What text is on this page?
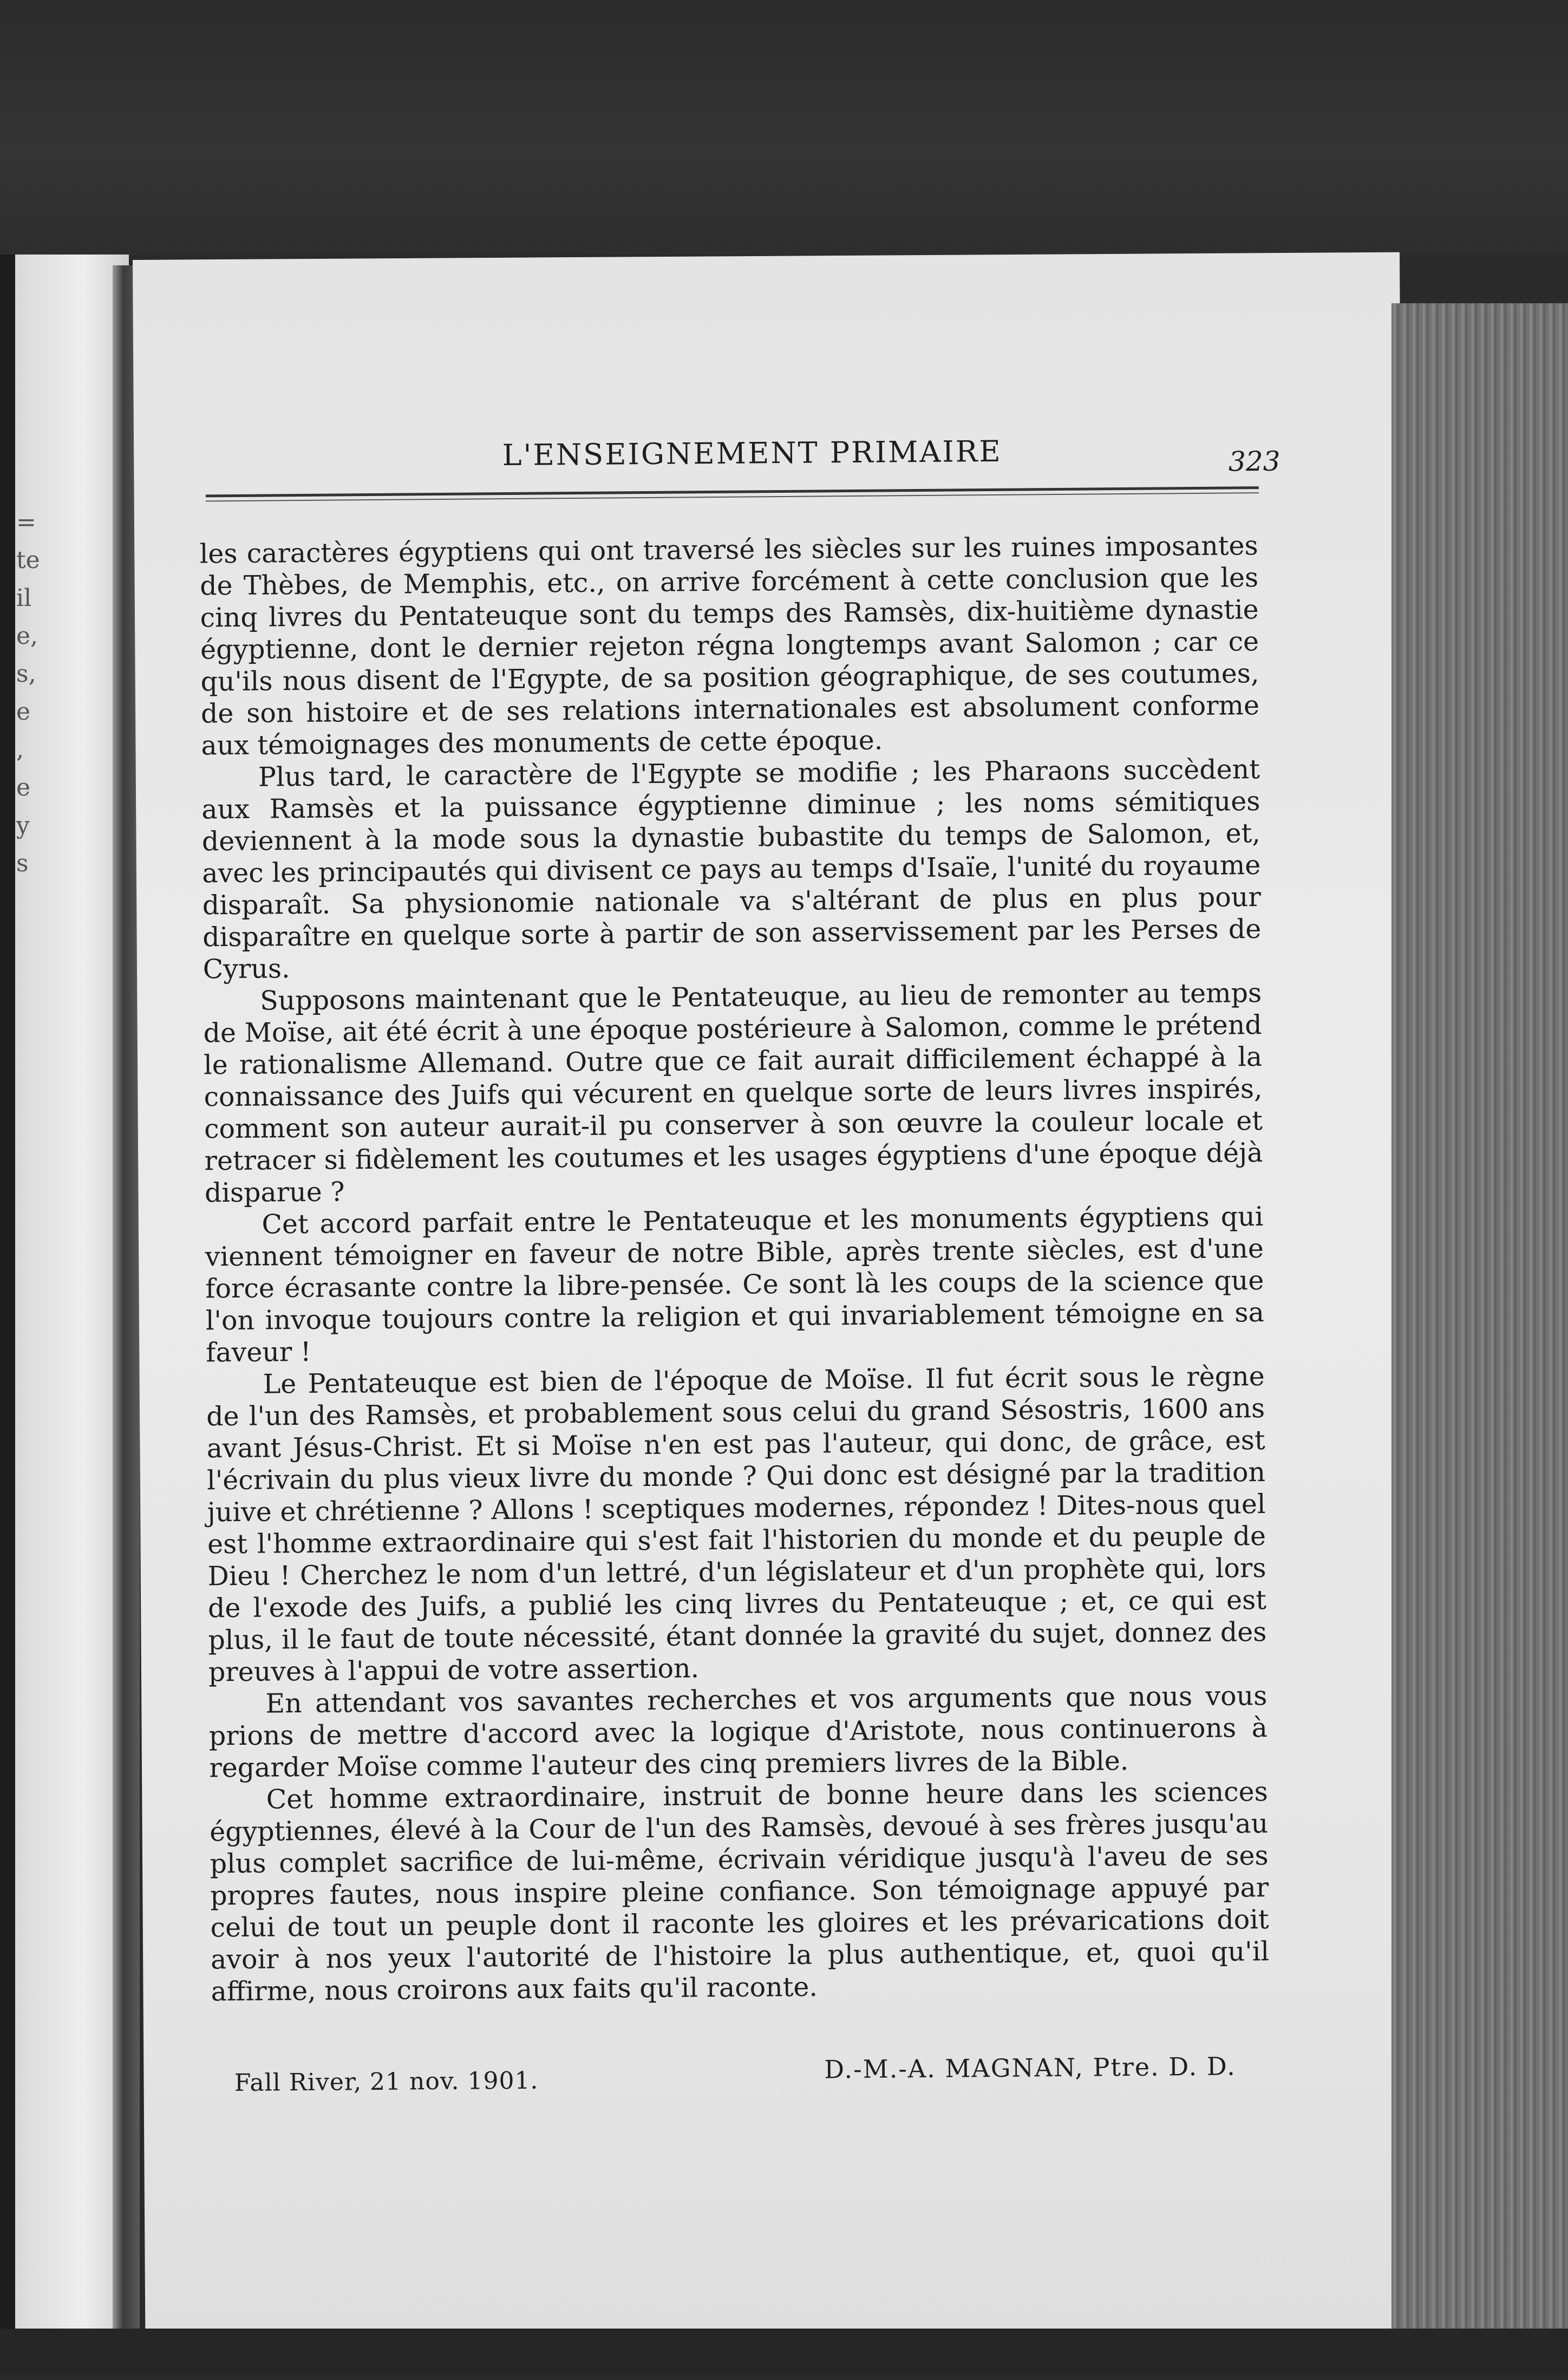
=
te
il
e,
s,
e
,
e
y
s
L'ENSEIGNEMENT PRIMAIRE	323

les caractères égyptiens qui ont traversé les siècles sur les ruines imposantes de Thèbes, de Memphis, etc., on arrive forcément à cette conclusion que les cinq livres du Pentateuque sont du temps des Ramsès, dix-huitième dynastie égyptienne, dont le dernier rejeton régna longtemps avant Salomon ; car ce qu'ils nous disent de l'Egypte, de sa position géographique, de ses coutumes, de son histoire et de ses relations internationales est absolument conforme aux témoignages des monuments de cette époque.

Plus tard, le caractère de l'Egypte se modifie ; les Pharaons succèdent aux Ramsès et la puissance égyptienne diminue ; les noms sémitiques deviennent à la mode sous la dynastie bubastite du temps de Salomon, et, avec les principautés qui divisent ce pays au temps d'Isaïe, l'unité du royaume disparaît. Sa physionomie nationale va s'altérant de plus en plus pour disparaître en quelque sorte à partir de son asservissement par les Perses de Cyrus.

Supposons maintenant que le Pentateuque, au lieu de remonter au temps de Moïse, ait été écrit à une époque postérieure à Salomon, comme le prétend le rationalisme Allemand. Outre que ce fait aurait difficilement échappé à la connaissance des Juifs qui vécurent en quelque sorte de leurs livres inspirés, comment son auteur aurait-il pu conserver à son œuvre la couleur locale et retracer si fidèlement les coutumes et les usages égyptiens d'une époque déjà disparue ?

Cet accord parfait entre le Pentateuque et les monuments égyptiens qui viennent témoigner en faveur de notre Bible, après trente siècles, est d'une force écrasante contre la libre-pensée. Ce sont là les coups de la science que l'on invoque toujours contre la religion et qui invariablement témoigne en sa faveur !

Le Pentateuque est bien de l'époque de Moïse. Il fut écrit sous le règne de l'un des Ramsès, et probablement sous celui du grand Sésostris, 1600 ans avant Jésus-Christ. Et si Moïse n'en est pas l'auteur, qui donc, de grâce, est l'écrivain du plus vieux livre du monde ? Qui donc est désigné par la tradition juive et chrétienne ? Allons ! sceptiques modernes, répondez ! Dites-nous quel est l'homme extraordinaire qui s'est fait l'historien du monde et du peuple de Dieu ! Cherchez le nom d'un lettré, d'un législateur et d'un prophète qui, lors de l'exode des Juifs, a publié les cinq livres du Pentateuque ; et, ce qui est plus, il le faut de toute nécessité, étant donnée la gravité du sujet, donnez des preuves à l'appui de votre assertion.

En attendant vos savantes recherches et vos arguments que nous vous prions de mettre d'accord avec la logique d'Aristote, nous continuerons à regarder Moïse comme l'auteur des cinq premiers livres de la Bible.

Cet homme extraordinaire, instruit de bonne heure dans les sciences égyptiennes, élevé à la Cour de l'un des Ramsès, devoué à ses frères jusqu'au plus complet sacrifice de lui-même, écrivain véridique jusqu'à l'aveu de ses propres fautes, nous inspire pleine confiance. Son témoignage appuyé par celui de tout un peuple dont il raconte les gloires et les prévarications doit avoir à nos yeux l'autorité de l'histoire la plus authentique, et, quoi qu'il affirme, nous croirons aux faits qu'il raconte.

Fall River, 21 nov. 1901.	D.-M.-A. MAGNAN, Ptre. D. D.
